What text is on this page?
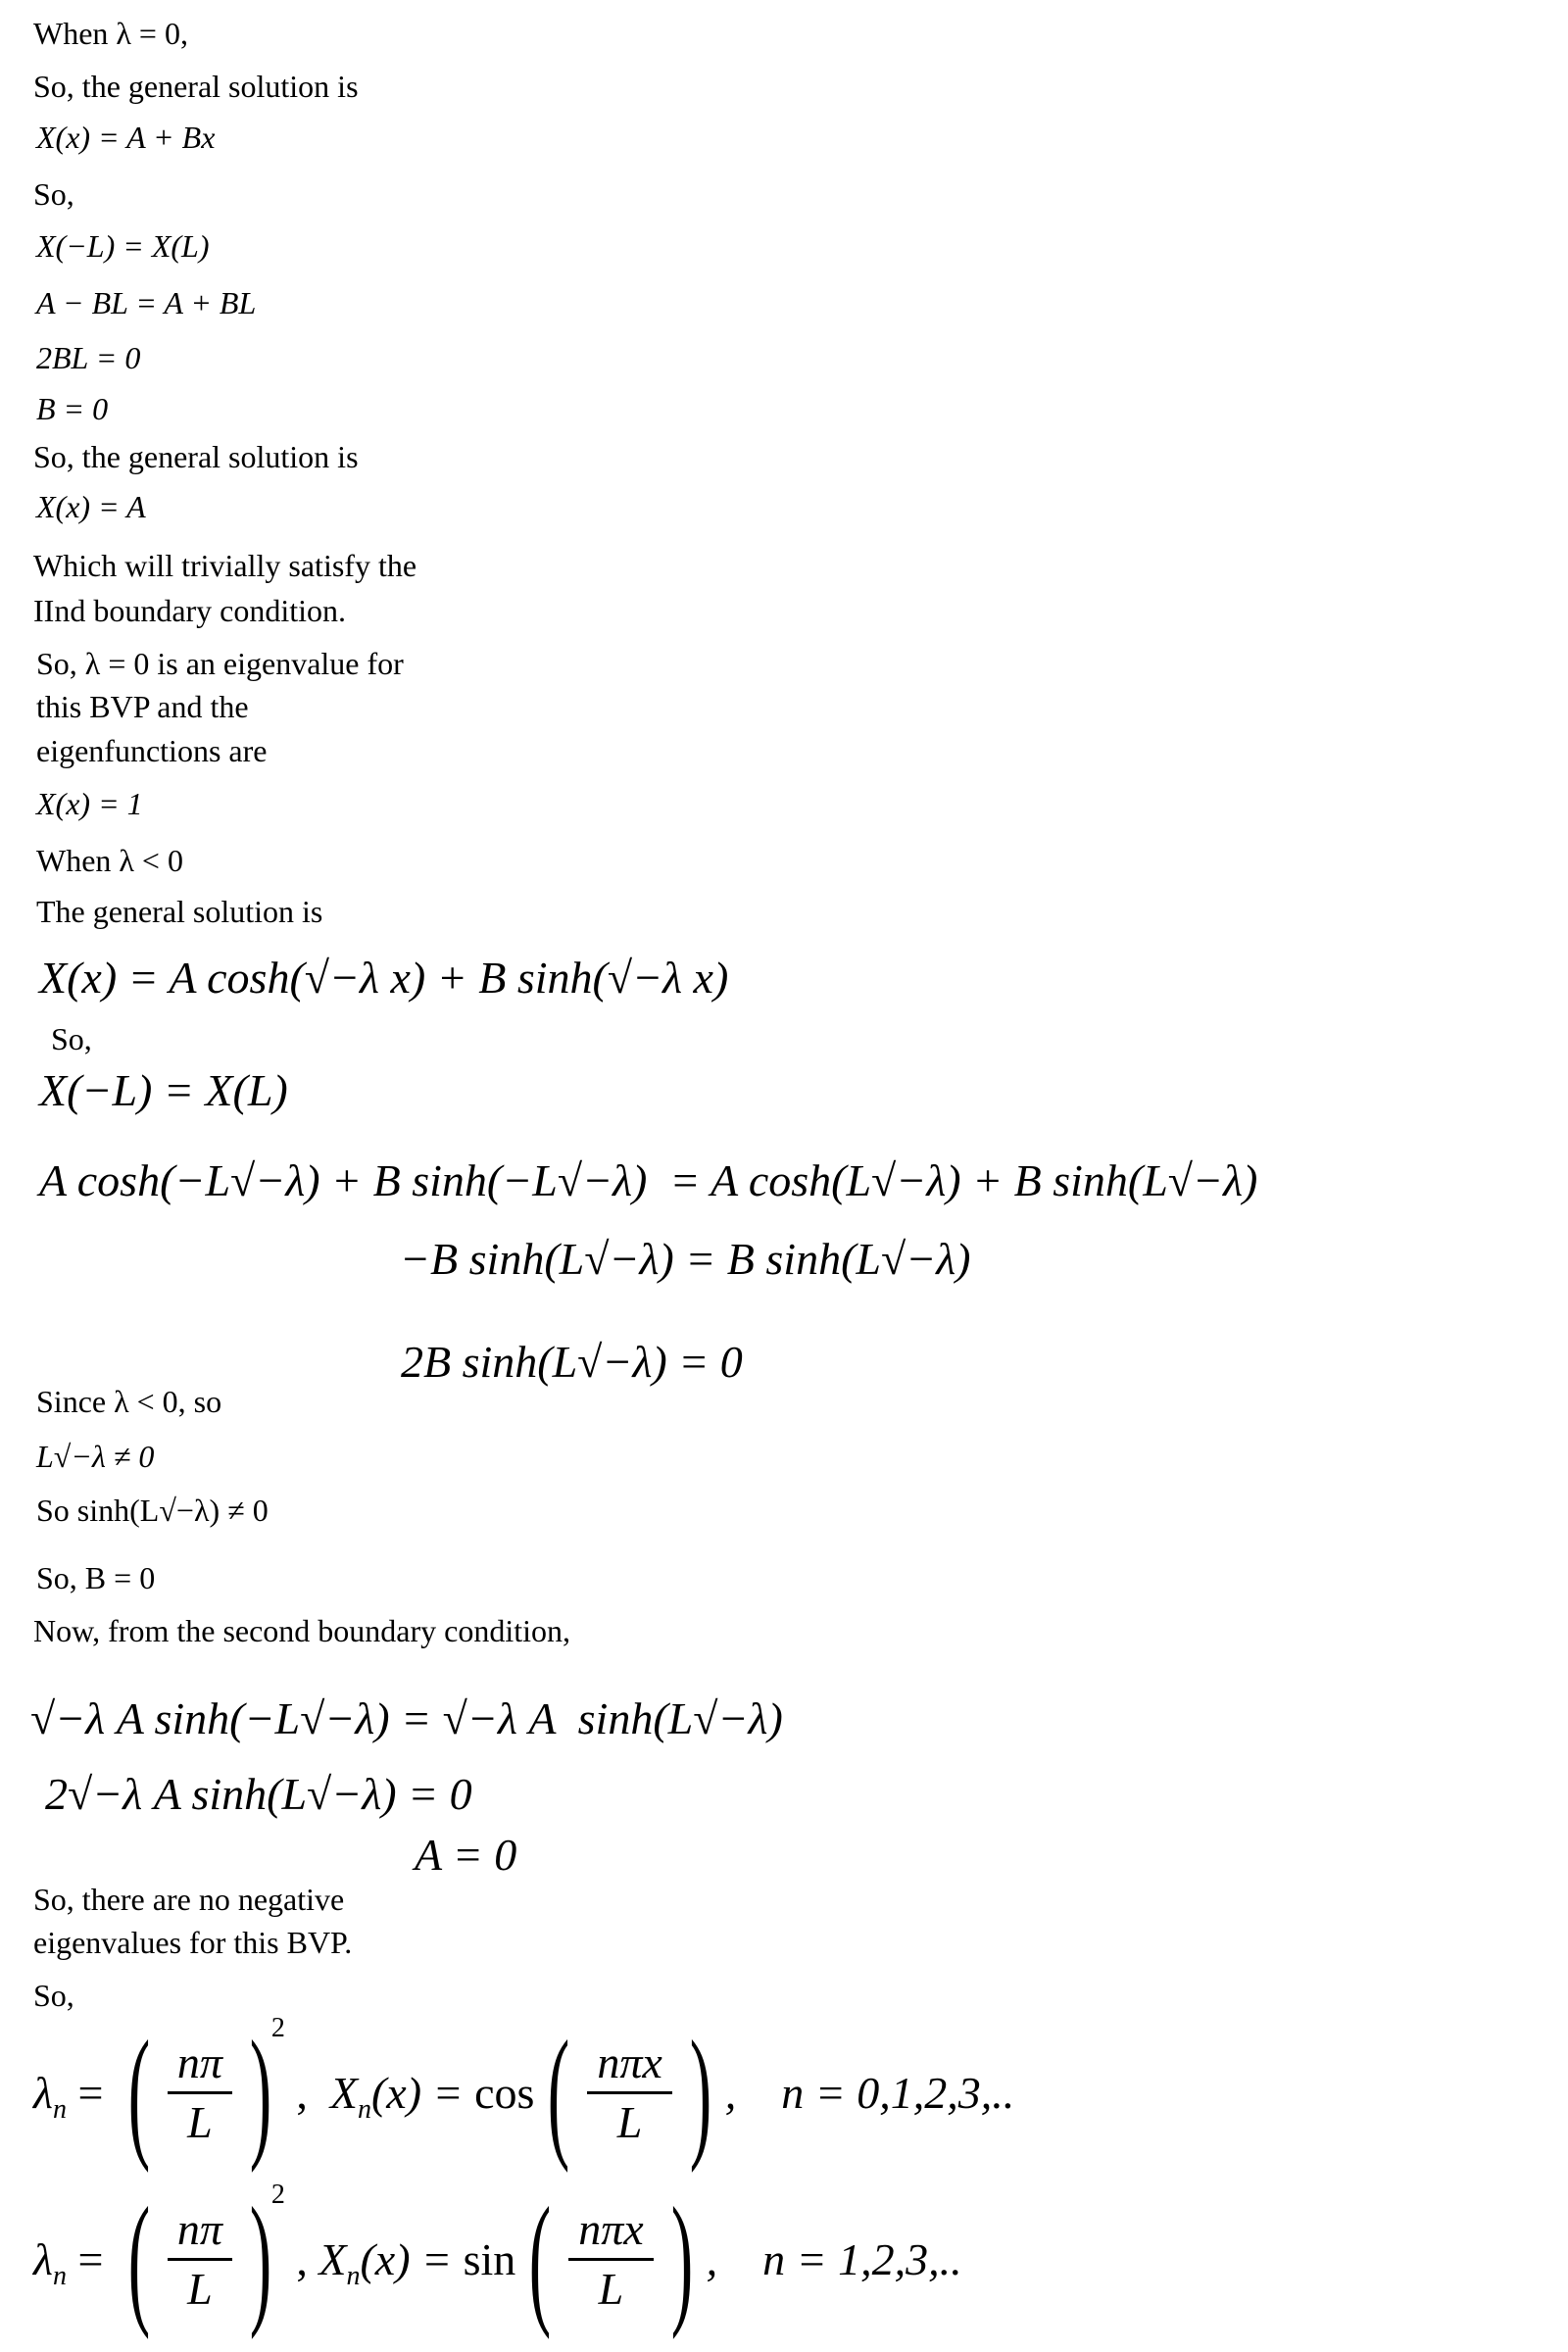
When λ = 0,
So, the general solution is
X(x) = A + Bx
So,
X(−L) = X(L)
A − BL = A + BL
2BL = 0
B = 0
So, the general solution is
X(x) = A
Which will trivially satisfy the
IInd boundary condition.
So, λ = 0 is an eigenvalue for
this BVP and the
eigenfunctions are
X(x) = 1
When λ < 0
The general solution is
X(x) = A cosh(√−λ x) + B sinh(√−λ x)
So,
X(−L) = X(L)
A cosh(−L√−λ) + B sinh(−L√−λ)  = A cosh(L√−λ) + B sinh(L√−λ)
−B sinh(L√−λ) = B sinh(L√−λ)
2B sinh(L√−λ) = 0
Since λ < 0, so
L√−λ ≠ 0
So sinh(L√−λ) ≠ 0
So, B = 0
Now, from the second boundary condition,
√−λ A sinh(−L√−λ) = √−λ A  sinh(L√−λ)
2√−λ A sinh(L√−λ) = 0
A = 0
So, there are no negative
eigenvalues for this BVP.
So,
λ n = ( $\frac{n\pi}{L}$ ) 2
, X n (x) = cos ( $\frac{\text{nπx}}{L}$ ) ,    n = 0,1,2,3,..
λ n = ( $\frac{n\pi}{L}$ ) 2
, X n (x) = sin ( $\frac{\text{nπx}}{L}$ ) ,    n = 1,2,3,..
